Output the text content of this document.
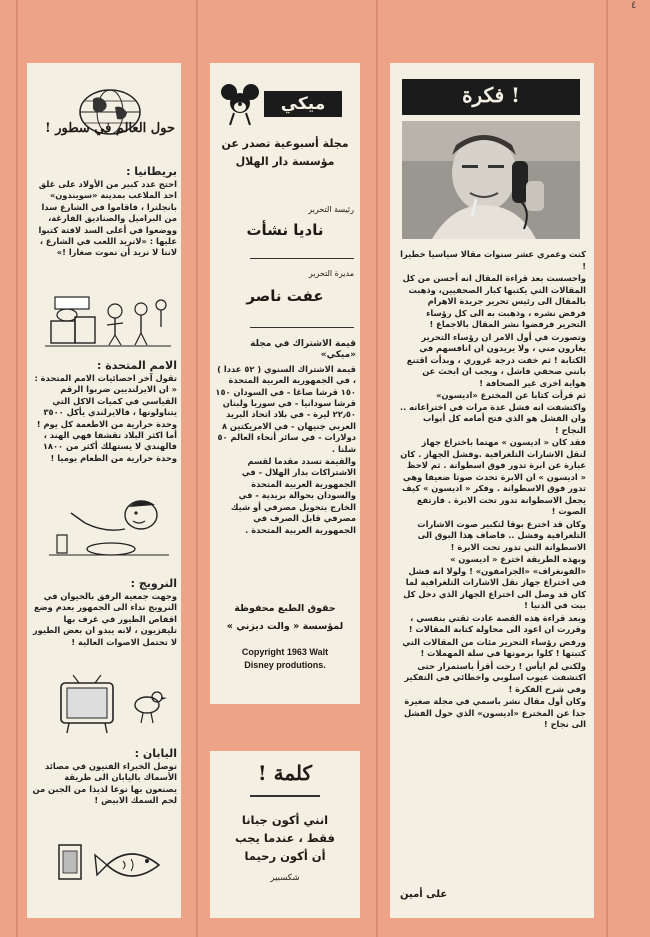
٤
حول العالم في سطور !
بريطانيا :

احتج عدد كبير من الأولاد على غلق احد الملاعب بمدينة «سويندون» بانجلترا ، فاقاموا في الشارع سدا من البراميل والصناديق الفارغة، ووضعوا في أعلى السد لافتة كتبوا عليها : «لانريد اللعب في الشارع ، لاننا لا نريد أن نموت صغارا !»

الامم المتحدة :

تقول آخر احصائيات الامم المتحدة : « ان الايرلنديين ضربوا الرقم القياسي في كميات الاكل التي يتناولونها ، فالايرلندي يأكل ٣٥٠٠ وحدة حرارية من الاطعمة كل يوم ! أما اكثر البلاد تقشفا فهي الهند ، فالهندي لا يستهلك أكثر من ١٨٠٠ وحدة حرارية من الطعام يوميا !

النرويج :

وجهت جمعية الرفق بالحيوان في النرويج نداء الى الجمهور بعدم وضع اقفاص الطيور في غرف بها تليفزيون ، لانه يبدو ان بعض الطيور لا تحتمل الاصوات العالية !

اليابان :

توصل الخبراء الفنيون في مصائد الأسماك باليابان الى طريقة يصنعون بها نوعا لذيذا من الجبن من لحم السمك الابيض !

ميكي
مجلة أسبوعية تصدر عن
مؤسسة دار الهلال
رئيسة التحرير
ناديا نشأت
مديرة التحرير
عفت ناصر
قيمة الاشتراك في مجلة «ميكي»

قيمة الاشتراك السنوي ( ٥٢ عددا ) ، في الجمهورية العربية المتحدة ١٥٠ قرشا صاغا - في السودان ١٥٠ قرشا سودانيا - في سوريا ولبنان ٢٢٫٥٠ ليرة - في بلاد اتحاد البريد العربي جنيهان - في الامريكتين ٨ دولارات - في سائر أنحاء العالم ٥٠ شلنا .

والقيمة تسدد مقدما لقسم الاشتراكات بدار الهلال - في الجمهورية العربية المتحدة والسودان بحوالة بريدية - في الخارج بتحويل مصرفي أو شيك مصرفي قابل الصرف في الجمهورية العربية المتحدة .

حقوق الطبع محفوظة
لمؤسسة « والت ديزني »
Copyright 1963 Walt
Disney produtions.
كلمة !
انني أكون جبانا
فقط ، عندما يجب
أن أكون رحيما
شكسبير
فكرة !

كنت وعمري عشر سنوات مقالا سياسيا خطيرا !

واحسست بعد قراءة المقال انه أحسن من كل المقالات التي يكتبها كبار الصحفيين، وذهبت بالمقال الى رئيس تحرير جريدة الاهرام فرفض نشره ، وذهبت به الى كل رؤساء التحرير فرفضوا نشر المقال بالاجماع !

وتصورت في أول الامر ان رؤساء التحرير يغارون مني ، ولا يريدون ان انافسهم في الكتابة ! ثم خفت درجة غروري ، وبدأت اقتنع بانني صحفي فاشل ، ويجب ان ابحث عن هواية اخرى غير الصحافة !

ثم قرأت كتابا عن المخترع «اديسون» واكتشفت انه فشل عدة مرات في اختراعاته .. وان الفشل هو الذي فتح أمامه كل أبواب النجاح !

فقد كان « اديسون » مهتما باختراع جهاز لنقل الاشارات التلغرافية .وفشل الجهاز . كان عبارة عن ابرة تدور فوق اسطوانة . ثم لاحظ « اديسون » ان الابرة تحدث صوتا ضعيفا وهي تدور فوق الاسطوانة . وفكر « اديسون » كيف يجعل الاسطوانة تدور تحت الابرة . فارتفع الصوت !

وكان قد اخترع بوقا لتكبير صوت الاشارات التلغرافية وفشل .. فاضاف هذا البوق الى الاسطوانة التي تدور تحت الابرة !

وبهذه الطريقة اخترع « اديسون » «الفونغراف» «الجرامفون» ! ولولا انه فشل في اختراع جهاز نقل الاشارات التلغرافية لما كان قد وصل الى اختراع الجهاز الذي دخل كل بيت في الدنيا !

وبعد قراءة هذه القصة عادت ثقتي بنفسي ، وقررت ان اعود الى محاولة كتابة المقالات !

ورفض رؤساء التحرير مئات من المقالات التي كتبتها ! كلوا برمونها في سلة المهملات !

ولكني لم ايأس ! رحت أقرأ باستمرار حتى اكتشفت عيوب اسلوبي واخطائي في التفكير وفي شرح الفكرة !

وكان أول مقال نشر باسمي في مجلة صغيرة جدا عن المخترع «اديسون» الذي حول الفشل الى نجاح !

على أمين
